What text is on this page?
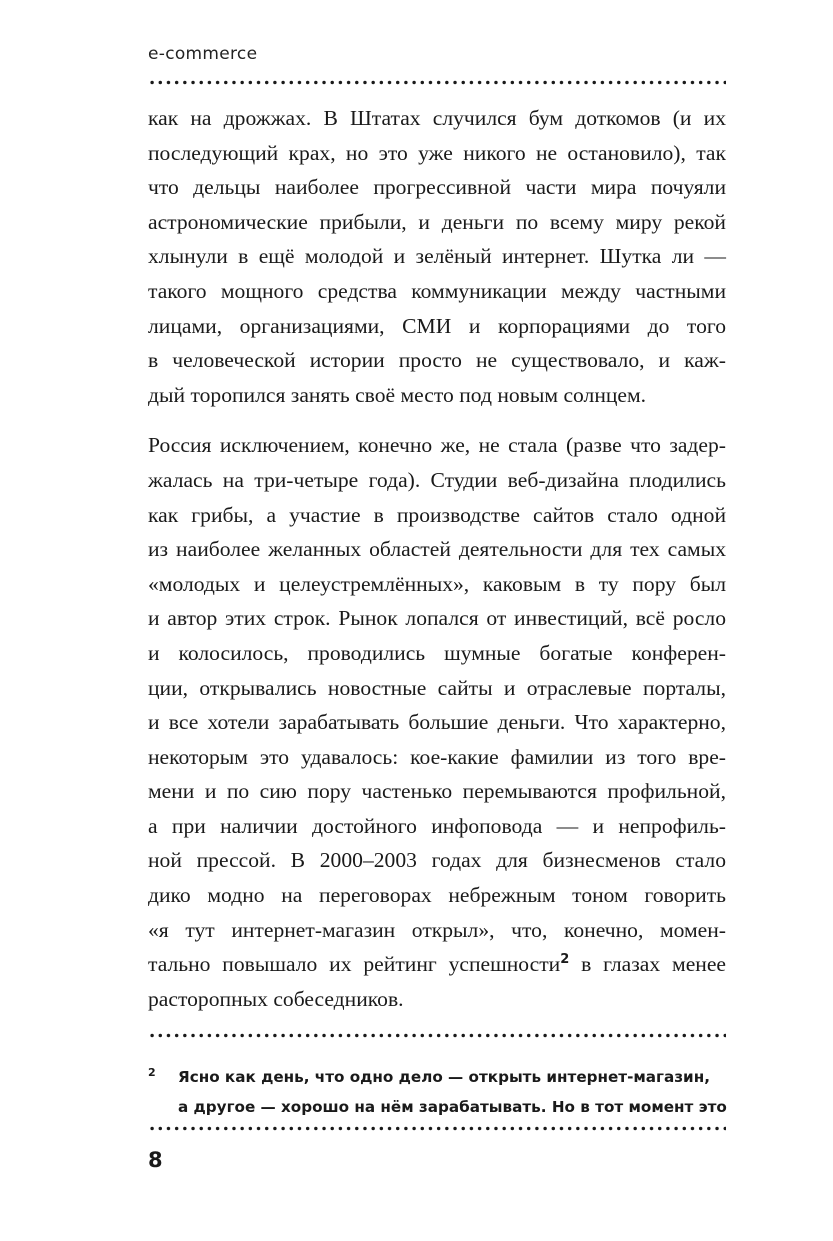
e-commerce

как на дрожжах. В Штатах случился бум доткомов (и их
последующий крах, но это уже никого не остановило), так
что дельцы наиболее прогрессивной части мира почуяли
астрономические прибыли, и деньги по всему миру рекой
хлынули в ещё молодой и зелёный интернет. Шутка ли —
такого мощного средства коммуникации между частными
лицами, организациями, СМИ и корпорациями до того
в человеческой истории просто не существовало, и каж-
дый торопился занять своё место под новым солнцем.

Россия исключением, конечно же, не стала (разве что задер-
жалась на три-четыре года). Студии веб-дизайна плодились
как грибы, а участие в производстве сайтов стало одной
из наиболее желанных областей деятельности для тех самых
«молодых и целеустремлённых», каковым в ту пору был
и автор этих строк. Рынок лопался от инвестиций, всё росло
и колосилось, проводились шумные богатые конферен-
ции, открывались новостные сайты и отраслевые порталы,
и все хотели зарабатывать большие деньги. Что характерно,
некоторым это удавалось: кое-какие фамилии из того вре-
мени и по сию пору частенько перемываются профильной,
а при наличии достойного инфоповода — и непрофиль-
ной прессой. В 2000–2003 годах для бизнесменов стало
дико модно на переговорах небрежным тоном говорить
«я тут интернет-магазин открыл», что, конечно, момен-
тально повышало их рейтинг успешности$^2$ в глазах менее
расторопных собеседников.

2 Ясно как день, что одно дело — открыть интернет-магазин,
а другое — хорошо на нём зарабатывать. Но в тот момент это
8
